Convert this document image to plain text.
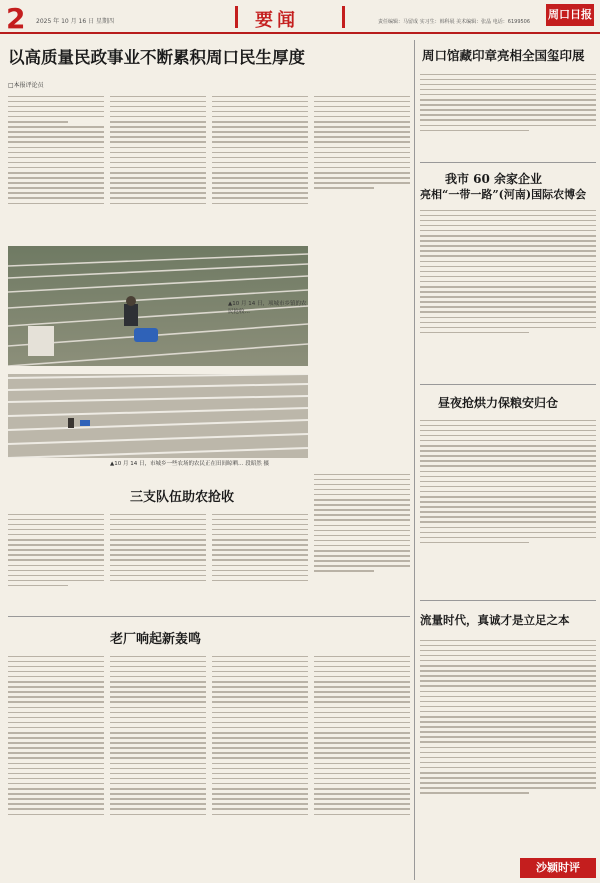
2 2025 年 10 月 16 日 星期四	要闻	责任编辑：马留成 实习生：韩科展 美术编辑：张晶 电话：6199506
周口日报
以高质量民政事业不断累积周口民生厚度
□本报评论员
周口馆藏印章亮相全国玺印展
▲10 月 14 日，项城市乡镇的农民抢收…
▲10 月 14 日，市城乡一些农场的农民正在田间晾晒… 段昭然 摄
我市 60 余家企业
亮相“一带一路”(河南)国际农博会
昼夜抢烘力保粮安归仓
三支队伍助农抢收
老厂响起新轰鸣
流量时代，真诚才是立足之本
沙颍时评
